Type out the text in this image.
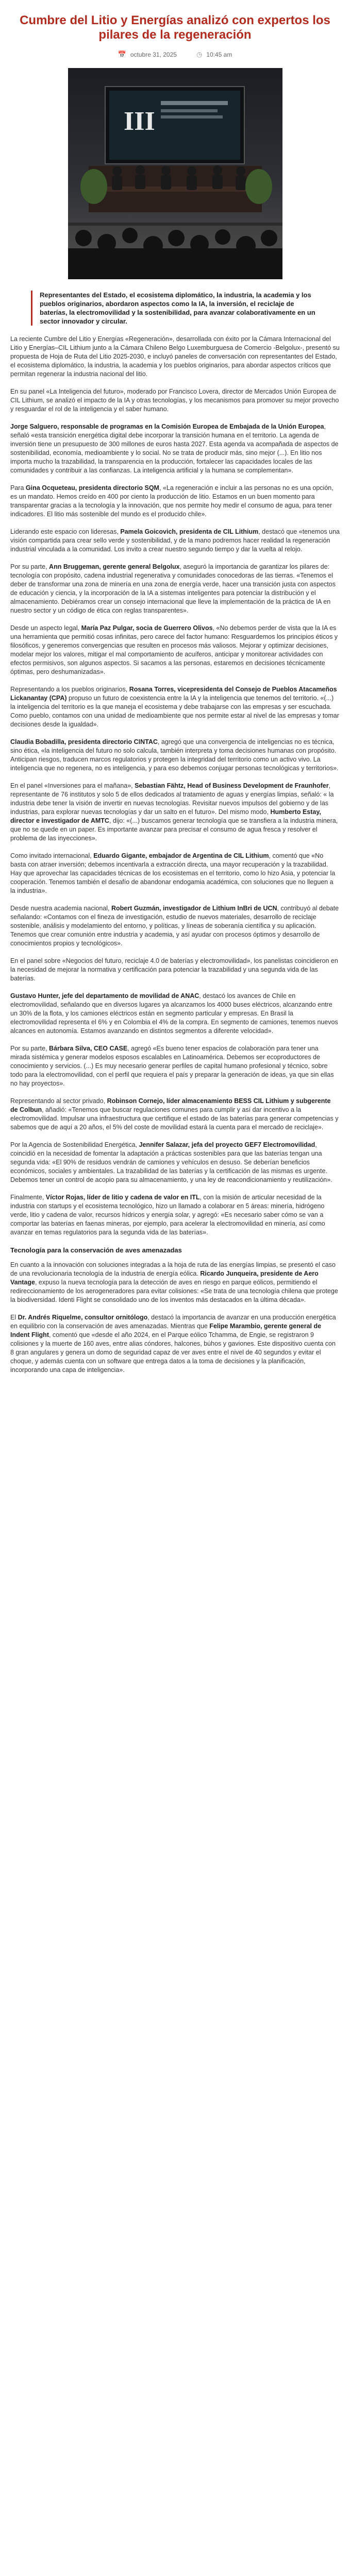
Cumbre del Litio y Energías analizó con expertos los pilares de la regeneración
📅 octubre 31, 2025	◷ 10:45 am
III
Representantes del Estado, el ecosistema diplomático, la industria, la academia y los pueblos originarios, abordaron aspectos como la IA, la inversión, el reciclaje de baterías, la electromovilidad y la sostenibilidad, para avanzar colaborativamente en un sector innovador y circular.

La reciente Cumbre del Litio y Energías «Regeneración», desarrollada con éxito por la Cámara Internacional del Litio y Energías–CIL Lithium junto a la Cámara Chileno Belgo Luxemburguesa de Comercio -Belgolux-, presentó su propuesta de Hoja de Ruta del Litio 2025-2030, e incluyó paneles de conversación con representantes del Estado, el ecosistema diplomático, la industria, la academia y los pueblos originarios, para abordar aspectos críticos que permitan regenerar la industria nacional del litio.

En su panel «La Inteligencia del futuro», moderado por Francisco Lovera, director de Mercados Unión Europea de CIL Lithium, se analizó el impacto de la IA y otras tecnologías, y los mecanismos para promover su mejor provecho y resguardar el rol de la inteligencia y el saber humano.

Jorge Salguero, responsable de programas en la Comisión Europea de Embajada de la Unión Europea, señaló «esta transición energética digital debe incorporar la transición humana en el territorio. La agenda de inversión tiene un presupuesto de 300 millones de euros hasta 2027. Esta agenda va acompañada de aspectos de sostenibilidad, economía, medioambiente y lo social. No se trata de producir más, sino mejor (...). En litio nos importa mucho la trazabilidad, la transparencia en la producción, fortalecer las capacidades locales de las comunidades y contribuir a las confianzas. La inteligencia artificial y la humana se complementan».

Para Gina Ocqueteau, presidenta directorio SQM, «La regeneración e incluir a las personas no es una opción, es un mandato. Hemos creído en 400 por ciento la producción de litio. Estamos en un buen momento para transparentar gracias a la tecnología y la innovación, que nos permite hoy medir el consumo de agua, para tener indicadores. El litio más sostenible del mundo es el producido chile».

Liderando este espacio con lideresas, Pamela Goicovich, presidenta de CIL Lithium, destacó que «tenemos una visión compartida para crear sello verde y sostenibilidad, y de la mano podremos hacer realidad la regeneración industrial vinculada a la comunidad. Los invito a crear nuestro segundo tiempo y dar la vuelta al relojo.

Por su parte, Ann Bruggeman, gerente general Belgolux, aseguró la importancia de garantizar los pilares de: tecnología con propósito, cadena industrial regenerativa y comunidades conocedoras de las tierras. «Tenemos el deber de transformar una zona de minería en una zona de energía verde, hacer una transición justa con aspectos de educación y ciencia, y la incorporación de la IA a sistemas inteligentes para potenciar la distribución y el almacenamiento. Debiéramos crear un consejo internacional que lleve la implementación de la práctica de IA en nuestro sector y un código de ética con reglas transparentes».

Desde un aspecto legal, María Paz Pulgar, socia de Guerrero Olivos, «No debemos perder de vista que la IA es una herramienta que permitió cosas infinitas, pero carece del factor humano: Resguardemos los principios éticos y filosóficos, y generemos convergencias que resulten en procesos más valiosos. Mejorar y optimizar decisiones, modelar mejor los valores, mitigar el mal comportamiento de acuíferos, anticipar y monitorear actividades con efectos permisivos, son algunos aspectos. Si sacamos a las personas, estaremos en decisiones técnicamente óptimas, pero deshumanizadas».

Representando a los pueblos originarios, Rosana Torres, vicepresidenta del Consejo de Pueblos Atacameños Lickanantay (CPA) propuso un futuro de coexistencia entre la IA y la inteligencia que tenemos del territorio. «(...) la inteligencia del territorio es la que maneja el ecosistema y debe trabajarse con las empresas y ser escuchada. Como pueblo, contamos con una unidad de medioambiente que nos permite estar al nivel de las empresas y tomar decisiones desde la igualdad».

Claudia Bobadilla, presidenta directorio CINTAC, agregó que una convergencia de inteligencias no es técnica, sino ética, «la inteligencia del futuro no solo calcula, también interpreta y toma decisiones humanas con propósito. Anticipan riesgos, traducen marcos regulatorios y protegen la integridad del territorio como un activo vivo. La inteligencia que no regenera, no es inteligencia, y para eso debemos conjugar personas tecnológicas y territorios».

En el panel «Inversiones para el mañana», Sebastian Fähtz, Head of Business Development de Fraunhofer, representante de 76 institutos y solo 5 de ellos dedicados al tratamiento de aguas y energías limpias, señaló: « la industria debe tener la visión de invertir en nuevas tecnologías. Revisitar nuevos impulsos del gobierno y de las industrias, para explorar nuevas tecnologías y dar un salto en el futuro». Del mismo modo, Humberto Estay, director e investigador de AMTC, dijo: «(...) buscamos generar tecnología que se transfiera a la industria minera, que no se quede en un paper. Es importante avanzar para precisar el consumo de agua fresca y resolver el problema de las inyecciones».

Como invitado internacional, Eduardo Gigante, embajador de Argentina de CIL Lithium, comentó que «No basta con atraer inversión; debemos incentivarla a extracción directa, una mayor recuperación y la trazabilidad. Hay que aprovechar las capacidades técnicas de los ecosistemas en el territorio, como lo hizo Asia, y potenciar la cooperación. Tenemos también el desafío de abandonar endogamia académica, con soluciones que no lleguen a la industria».

Desde nuestra academia nacional, Robert Guzmán, investigador de Lithium InBri de UCN, contribuyó al debate señalando: «Contamos con el fineza de investigación, estudio de nuevos materiales, desarrollo de reciclaje sostenible, análisis y modelamiento del entorno, y políticas, y líneas de soberanía científica y su aplicación. Tenemos que crear comunión entre industria y academia, y así ayudar con procesos óptimos y desarrollo de conocimientos propios y tecnológicos».

En el panel sobre «Negocios del futuro, reciclaje 4.0 de baterías y electromovilidad», los panelistas coincidieron en la necesidad de mejorar la normativa y certificación para potenciar la trazabilidad y una segunda vida de las baterías.

Gustavo Hunter, jefe del departamento de movilidad de ANAC, destacó los avances de Chile en electromovilidad, señalando que en diversos lugares ya alcanzamos los 4000 buses eléctricos, alcanzando entre un 30% de la flota, y los camiones eléctricos están en segmento particular y empresas. En Brasil la electromovilidad representa el 6% y en Colombia el 4% de la compra. En segmento de camiones, tenemos nuevos alcances en autonomía. Estamos avanzando en distintos segmentos a diferente velocidad».

Por su parte, Bárbara Silva, CEO CASE, agregó «Es bueno tener espacios de colaboración para tener una mirada sistémica y generar modelos esposos escalables en Latinoamérica. Debemos ser ecoproductores de conocimiento y servicios. (...) Es muy necesario generar perfiles de capital humano profesional y técnico, sobre todo para la electromovilidad, con el perfil que requiera el país y preparar la generación de ideas, ya que sin ellas no hay proyectos».

Representando al sector privado, Robinson Cornejo, líder almacenamiento BESS CIL Lithium y subgerente de Colbun, añadió: «Tenemos que buscar regulaciones comunes para cumplir y así dar incentivo a la electromovilidad. Impulsar una infraestructura que certifique el estado de las baterías para generar competencias y sabemos que de aquí a 20 años, el 5% del coste de movilidad estará la cuenta para el mercado de reciclaje».

Por la Agencia de Sostenibilidad Energética, Jennifer Salazar, jefa del proyecto GEF7 Electromovilidad, coincidió en la necesidad de fomentar la adaptación a prácticas sostenibles para que las baterías tengan una segunda vida: «El 90% de residuos vendrán de camiones y vehículos en desuso. Se deberían beneficios económicos, sociales y ambientales. La trazabilidad de las baterías y la certificación de las mismas es urgente. Debemos tener un control de acopio para su almacenamiento, y una ley de reacondicionamiento y reutilización».

Finalmente, Víctor Rojas, líder de litio y cadena de valor en ITL, con la misión de articular necesidad de la industria con startups y el ecosistema tecnológico, hizo un llamado a colaborar en 5 áreas: minería, hidrógeno verde, litio y cadena de valor, recursos hídricos y energía solar, y agregó: «Es necesario saber cómo se van a comportar las baterías en faenas mineras, por ejemplo, para acelerar la electromovilidad en minería, así como avanzar en temas regulatorios para la segunda vida de las baterías».

Tecnología para la conservación de aves amenazadas

En cuanto a la innovación con soluciones integradas a la hoja de ruta de las energías limpias, se presentó el caso de una revolucionaria tecnología de la industria de energía eólica. Ricardo Junqueira, presidente de Aero Vantage, expuso la nueva tecnología para la detección de aves en riesgo en parque eólicos, permitiendo el redireccionamiento de los aerogeneradores para evitar colisiones: «Se trata de una tecnología chilena que protege la biodiversidad. Identi Flight se consolidado uno de los inventos más destacados en la última década».

El Dr. Andrés Riquelme, consultor ornitólogo, destacó la importancia de avanzar en una producción energética en equilibrio con la conservación de aves amenazadas. Mientras que Felipe Marambio, gerente general de Indent Flight, comentó que «desde el año 2024, en el Parque eólico Tchamma, de Engie, se registraron 9 colisiones y la muerte de 160 aves, entre alias cóndores, halcones, búhos y gaviones. Este dispositivo cuenta con 8 gran angulares y genera un domo de seguridad capaz de ver aves entre el nivel de 40 segundos y evitar el choque, y además cuenta con un software que entrega datos a la toma de decisiones y la planificación, incorporando una capa de inteligencia».
